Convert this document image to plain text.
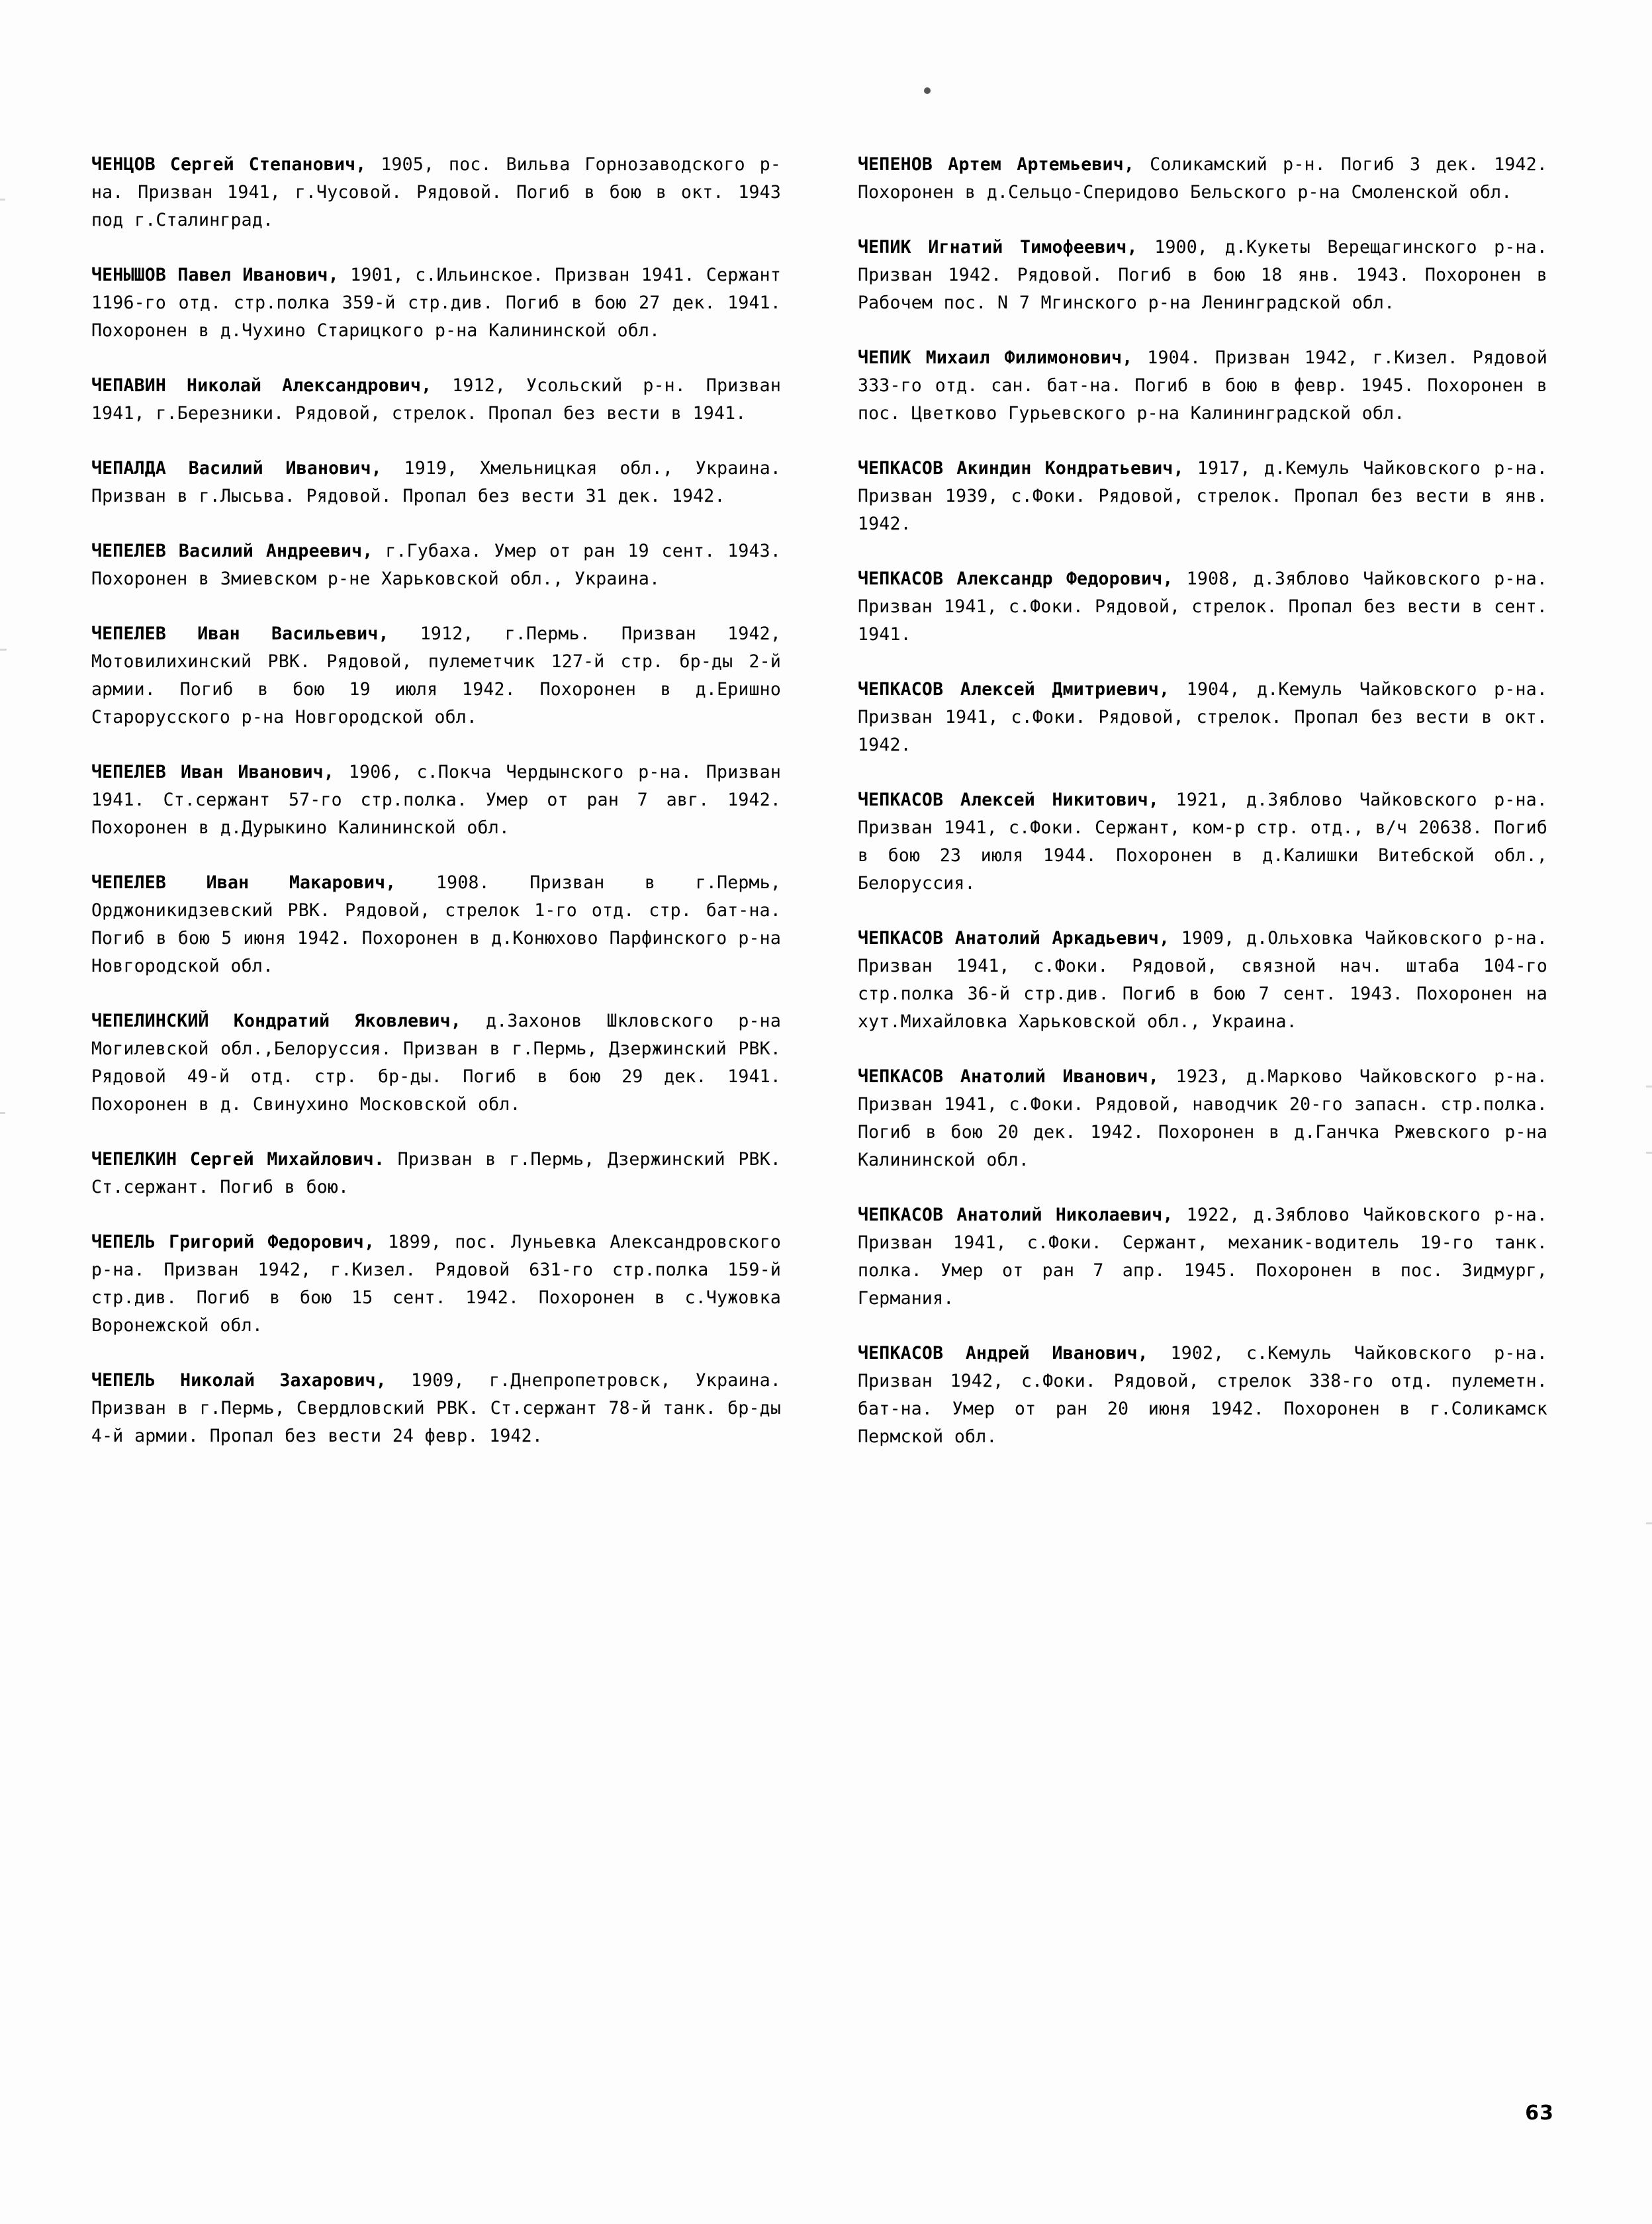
ЧЕНЦОВ Сергей Степанович, 1905, пос. Вильва Горнозаводского р-на. Призван 1941, г.Чусовой. Рядовой. Погиб в бою в окт. 1943 под г.Сталинград.

ЧЕНЫШОВ Павел Иванович, 1901, с.Ильинское. Призван 1941. Сержант 1196-го отд. стр.полка 359-й стр.див. Погиб в бою 27 дек. 1941. Похоронен в д.Чухино Старицкого р-на Калининской обл.

ЧЕПАВИН Николай Александрович, 1912, Усольский р-н. Призван 1941, г.Березники. Рядовой, стрелок. Пропал без вести в 1941.

ЧЕПАЛДА Василий Иванович, 1919, Хмельницкая обл., Украина. Призван в г.Лысьва. Рядовой. Пропал без вести 31 дек. 1942.

ЧЕПЕЛЕВ Василий Андреевич, г.Губаха. Умер от ран 19 сент. 1943. Похоронен в Змиевском р-не Харьковской обл., Украина.

ЧЕПЕЛЕВ Иван Васильевич, 1912, г.Пермь. Призван 1942, Мотовилихинский РВК. Рядовой, пулеметчик 127-й стр. бр-ды 2-й армии. Погиб в бою 19 июля 1942. Похоронен в д.Еришно Старорусского р-на Новгородской обл.

ЧЕПЕЛЕВ Иван Иванович, 1906, с.Покча Чердынского р-на. Призван 1941. Ст.сержант 57-го стр.полка. Умер от ран 7 авг. 1942. Похоронен в д.Дурыкино Калининской обл.

ЧЕПЕЛЕВ Иван Макарович, 1908. Призван в г.Пермь, Орджоникидзевский РВК. Рядовой, стрелок 1-го отд. стр. бат-на. Погиб в бою 5 июня 1942. Похоронен в д.Конюхово Парфинского р-на Новгородской обл.

ЧЕПЕЛИНСКИЙ Кондратий Яковлевич, д.Захонов Шкловского р-на Могилевской обл.,Белоруссия. Призван в г.Пермь, Дзержинский РВК. Рядовой 49-й отд. стр. бр-ды. Погиб в бою 29 дек. 1941. Похоронен в д. Свинухино Московской обл.

ЧЕПЕЛКИН Сергей Михайлович. Призван в г.Пермь, Дзержинский РВК. Ст.сержант. Погиб в бою.

ЧЕПЕЛЬ Григорий Федорович, 1899, пос. Луньевка Александровского р-на. Призван 1942, г.Кизел. Рядовой 631-го стр.полка 159-й стр.див. Погиб в бою 15 сент. 1942. Похоронен в с.Чужовка Воронежской обл.

ЧЕПЕЛЬ Николай Захарович, 1909, г.Днепропетровск, Украина. Призван в г.Пермь, Свердловский РВК. Ст.сержант 78-й танк. бр-ды 4-й армии. Пропал без вести 24 февр. 1942.

ЧЕПЕНОВ Артем Артемьевич, Соликамский р-н. Погиб 3 дек. 1942. Похоронен в д.Сельцо-Сперидово Бельского р-на Смоленской обл.

ЧЕПИК Игнатий Тимофеевич, 1900, д.Кукеты Верещагинского р-на. Призван 1942. Рядовой. Погиб в бою 18 янв. 1943. Похоронен в Рабочем пос. N 7 Мгинского р-на Ленинградской обл.

ЧЕПИК Михаил Филимонович, 1904. Призван 1942, г.Кизел. Рядовой 333-го отд. сан. бат-на. Погиб в бою в февр. 1945. Похоронен в пос. Цветково Гурьевского р-на Калининградской обл.

ЧЕПКАСОВ Акиндин Кондратьевич, 1917, д.Кемуль Чайковского р-на. Призван 1939, с.Фоки. Рядовой, стрелок. Пропал без вести в янв. 1942.

ЧЕПКАСОВ Александр Федорович, 1908, д.Зяблово Чайковского р-на. Призван 1941, с.Фоки. Рядовой, стрелок. Пропал без вести в сент. 1941.

ЧЕПКАСОВ Алексей Дмитриевич, 1904, д.Кемуль Чайковского р-на. Призван 1941, с.Фоки. Рядовой, стрелок. Пропал без вести в окт. 1942.

ЧЕПКАСОВ Алексей Никитович, 1921, д.Зяблово Чайковского р-на. Призван 1941, с.Фоки. Сержант, ком-р стр. отд., в/ч 20638. Погиб в бою 23 июля 1944. Похоронен в д.Калишки Витебской обл., Белоруссия.

ЧЕПКАСОВ Анатолий Аркадьевич, 1909, д.Ольховка Чайковского р-на. Призван 1941, с.Фоки. Рядовой, связной нач. штаба 104-го стр.полка 36-й стр.див. Погиб в бою 7 сент. 1943. Похоронен на хут.Михайловка Харьковской обл., Украина.

ЧЕПКАСОВ Анатолий Иванович, 1923, д.Марково Чайковского р-на. Призван 1941, с.Фоки. Рядовой, наводчик 20-го запасн. стр.полка. Погиб в бою 20 дек. 1942. Похоронен в д.Ганчка Ржевского р-на Калининской обл.

ЧЕПКАСОВ Анатолий Николаевич, 1922, д.Зяблово Чайковского р-на. Призван 1941, с.Фоки. Сержант, механик-водитель 19-го танк. полка. Умер от ран 7 апр. 1945. Похоронен в пос. Зидмург, Германия.

ЧЕПКАСОВ Андрей Иванович, 1902, с.Кемуль Чайковского р-на. Призван 1942, с.Фоки. Рядовой, стрелок 338-го отд. пулеметн. бат-на. Умер от ран 20 июня 1942. Похоронен в г.Соликамск Пермской обл.

63
